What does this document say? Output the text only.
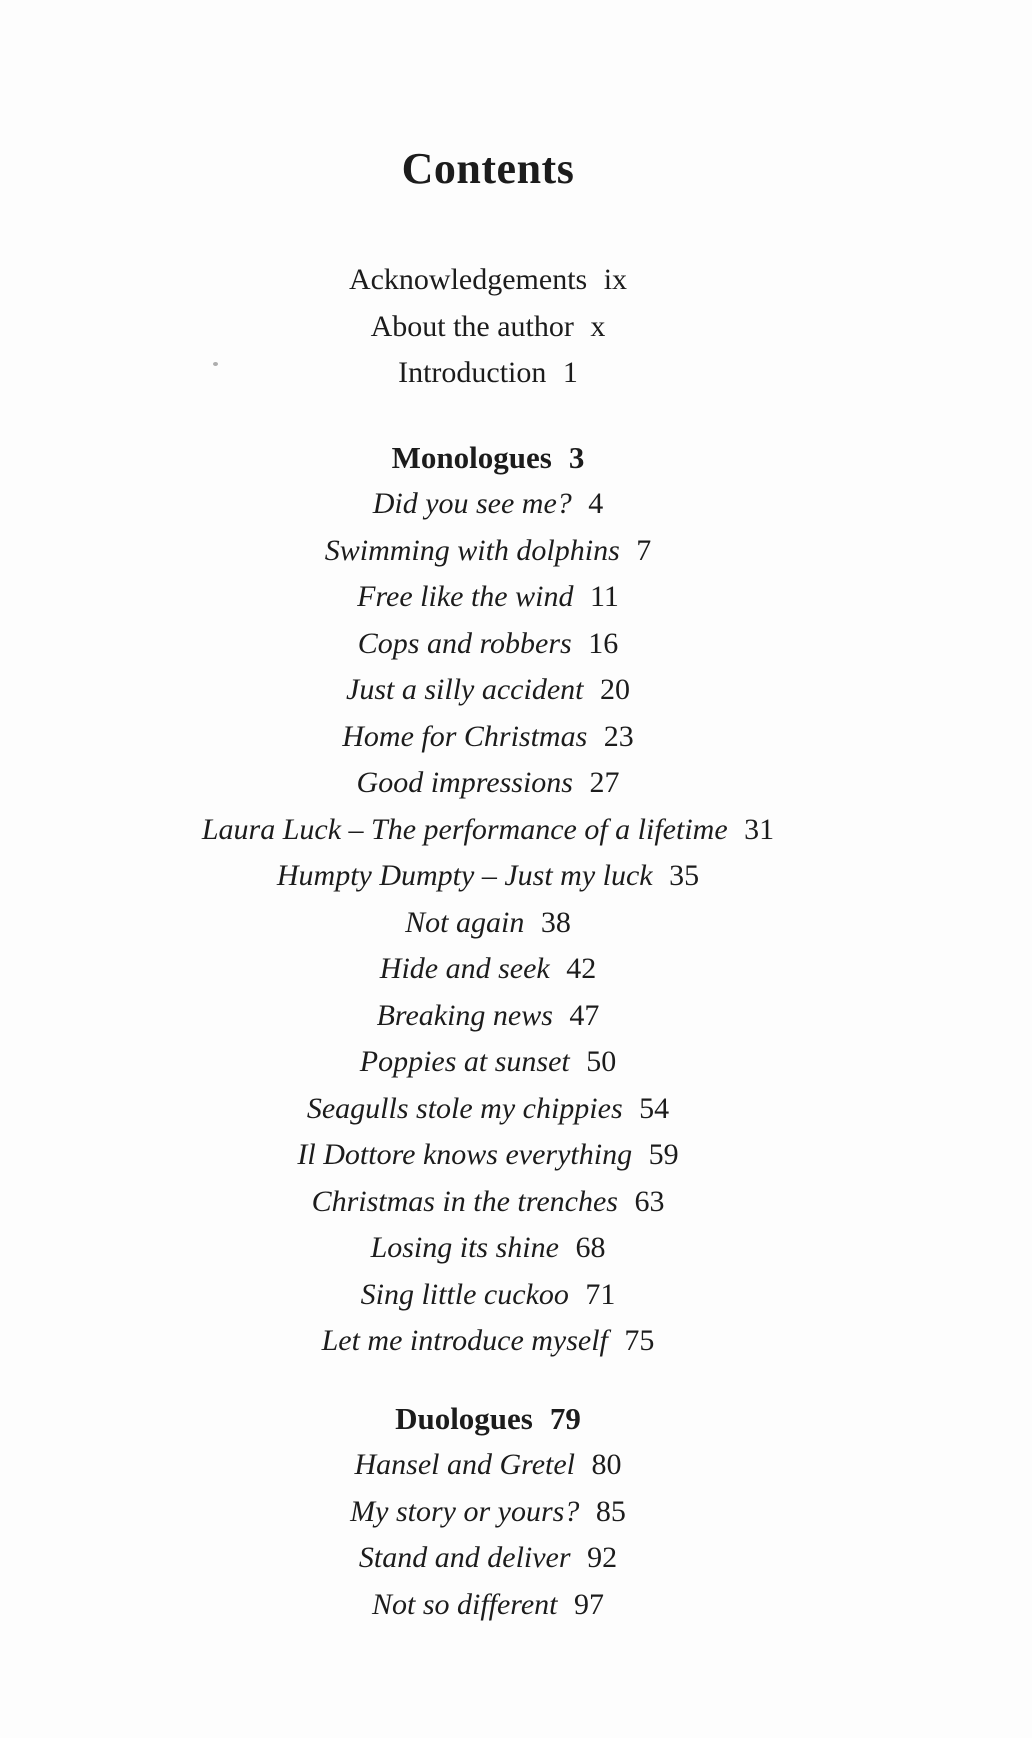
Contents
Acknowledgements ix
About the author x
Introduction 1
Monologues 3
Did you see me? 4
Swimming with dolphins 7
Free like the wind 11
Cops and robbers 16
Just a silly accident 20
Home for Christmas 23
Good impressions 27
Laura Luck – The performance of a lifetime 31
Humpty Dumpty – Just my luck 35
Not again 38
Hide and seek 42
Breaking news 47
Poppies at sunset 50
Seagulls stole my chippies 54
Il Dottore knows everything 59
Christmas in the trenches 63
Losing its shine 68
Sing little cuckoo 71
Let me introduce myself 75
Duologues 79
Hansel and Gretel 80
My story or yours? 85
Stand and deliver 92
Not so different 97
